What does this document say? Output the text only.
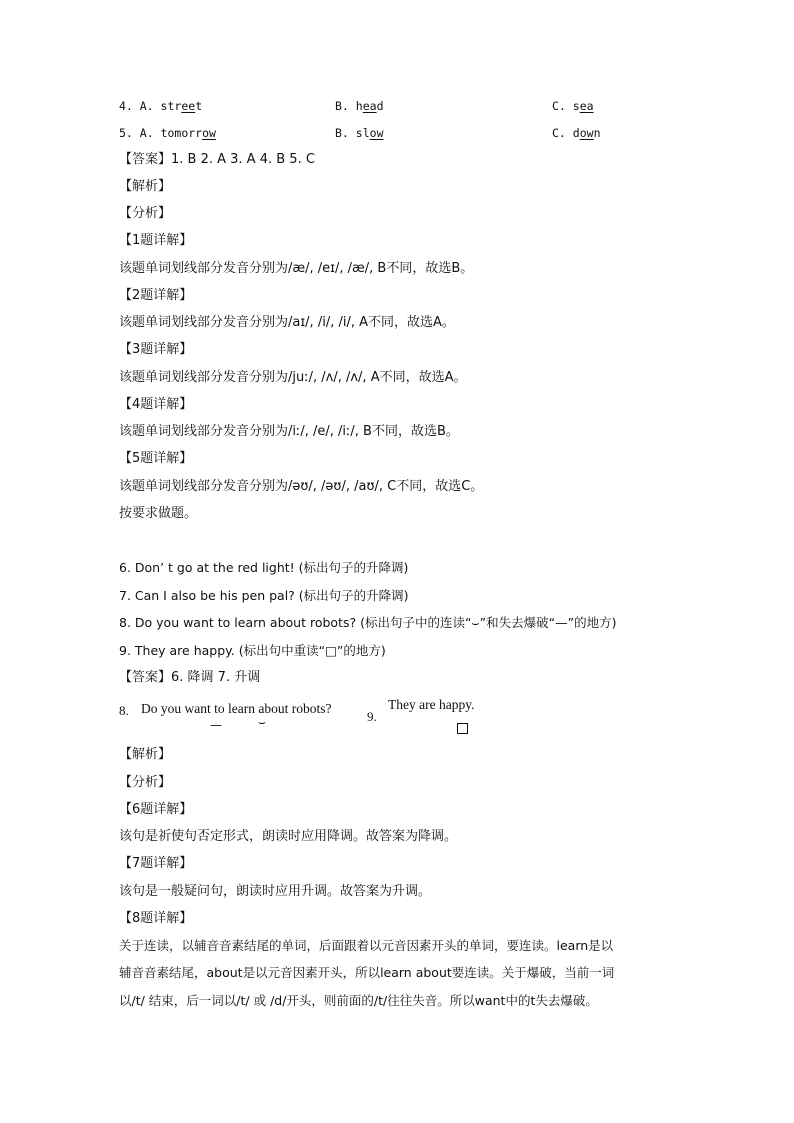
4. A. street	B. head	C. sea
5. A. tomorrow	B. slow	C. down
【答案】1. B 2. A 3. A 4. B 5. C
【解析】
【分析】
【1题详解】
该题单词划线部分发音分别为/æ/, /eɪ/, /æ/, B不同，故选B。
【2题详解】
该题单词划线部分发音分别为/aɪ/, /i/, /i/, A不同，故选A。
【3题详解】
该题单词划线部分发音分别为/juː/, /ʌ/, /ʌ/, A不同，故选A。
【4题详解】
该题单词划线部分发音分别为/iː/, /e/, /iː/, B不同，故选B。
【5题详解】
该题单词划线部分发音分别为/əʊ/, /əʊ/, /aʊ/, C不同，故选C。
按要求做题。
6. Don’ t go at the red light! (标出句子的升降调)
7. Can I also be his pen pal? (标出句子的升降调)
8. Do you want to learn about robots? (标出句子中的连读“⌣”和失去爆破“—”的地方)
9. They are happy. (标出句中重读“□”的地方)
【答案】6. 降调 7. 升调
8. Do you want to learn about robots?
—	⌣	9.
They are happy.
【解析】
【分析】
【6题详解】
该句是祈使句否定形式，朗读时应用降调。故答案为降调。
【7题详解】
该句是一般疑问句，朗读时应用升调。故答案为升调。
【8题详解】
关于连读，以辅音音素结尾的单词，后面跟着以元音因素开头的单词，要连读。learn是以
辅音音素结尾，about是以元音因素开头，所以learn about要连读。关于爆破，当前一词
以/t/ 结束，后一词以/t/ 或 /d/开头，则前面的/t/往往失音。所以want中的t失去爆破。
